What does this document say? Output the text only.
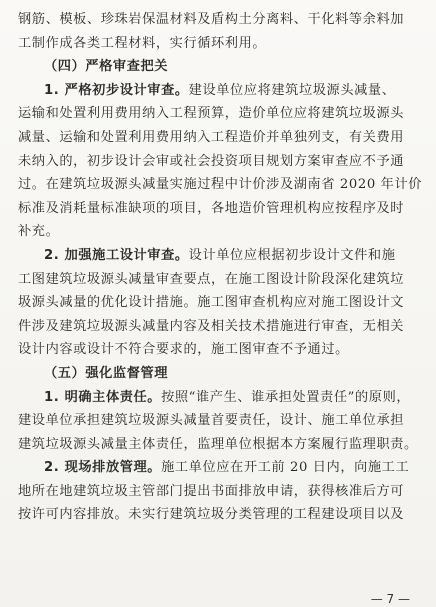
钢筋、模板、珍珠岩保温材料及盾构土分离料、干化料等余料加
工制作成各类工程材料，实行循环利用。
（四）严格审查把关
1. 严格初步设计审查。建设单位应将建筑垃圾源头减量、
运输和处置利用费用纳入工程预算，造价单位应将建筑垃圾源头
减量、运输和处置利用费用纳入工程造价并单独列支，有关费用
未纳入的，初步设计会审或社会投资项目规划方案审查应不予通
过。在建筑垃圾源头减量实施过程中计价涉及湖南省 2020 年计价
标准及消耗量标准缺项的项目，各地造价管理机构应按程序及时
补充。
2. 加强施工设计审查。设计单位应根据初步设计文件和施
工图建筑垃圾源头减量审查要点，在施工图设计阶段深化建筑垃
圾源头减量的优化设计措施。施工图审查机构应对施工图设计文
件涉及建筑垃圾源头减量内容及相关技术措施进行审查，无相关
设计内容或设计不符合要求的，施工图审查不予通过。
（五）强化监督管理
1. 明确主体责任。按照“谁产生、谁承担处置责任”的原则，
建设单位承担建筑垃圾源头减量首要责任，设计、施工单位承担
建筑垃圾源头减量主体责任，监理单位根据本方案履行监理职责。
2. 现场排放管理。施工单位应在开工前 20 日内，向施工工
地所在地建筑垃圾主管部门提出书面排放申请，获得核准后方可
按许可内容排放。未实行建筑垃圾分类管理的工程建设项目以及
— 7 —
